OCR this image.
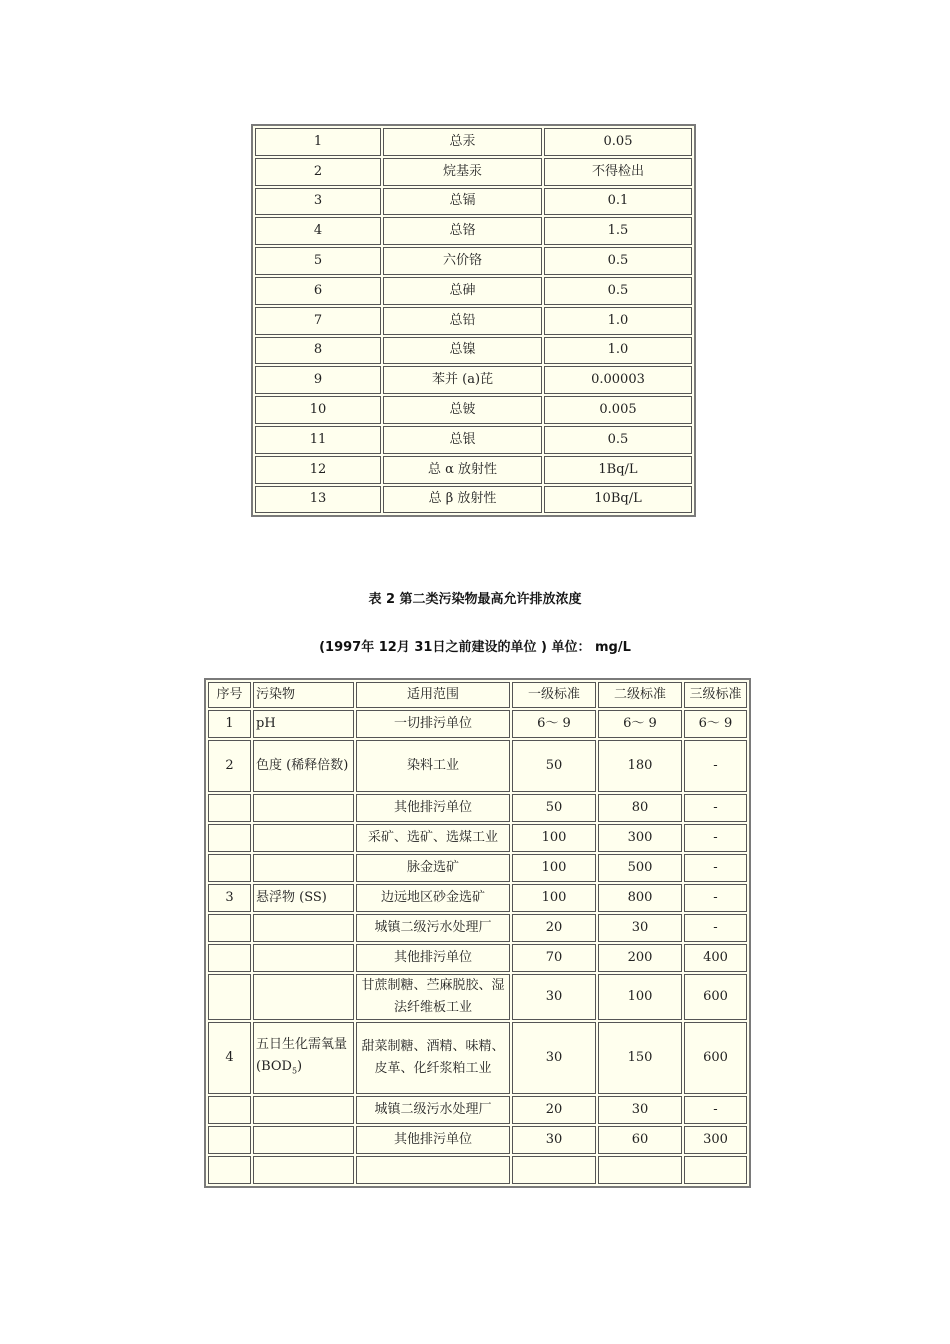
1	总汞	0.05
2	烷基汞	不得检出
3	总镉	0.1
4	总铬	1.5
5	六价铬	0.5
6	总砷	0.5
7	总铅	1.0
8	总镍	1.0
9	苯并 (a)芘	0.00003
10	总铍	0.005
11	总银	0.5
12	总 α 放射性	1Bq/L
13	总 β 放射性	10Bq/L
表 2 第二类污染物最高允许排放浓度
(1997年 12月 31日之前建设的单位 ) 单位： mg/L
序号	污染物	适用范围	一级标准	二级标准	三级标准
1	pH	一切排污单位	6～ 9	6～ 9	6～ 9
2	色度 (稀释倍数)	染料工业	50	180	-
		其他排污单位	50	80	-
		采矿、选矿、选煤工业	100	300	-
		脉金选矿	100	500	-
3	悬浮物 (SS)	边远地区砂金选矿	100	800	-
		城镇二级污水处理厂	20	30	-
		其他排污单位	70	200	400
		甘蔗制糖、苎麻脱胶、湿法纤维板工业	30	100	600
4	五日生化需氧量 $(BOD_5)$	甜菜制糖、酒精、味精、皮革、化纤浆粕工业	30	150	600
		城镇二级污水处理厂	20	30	-
		其他排污单位	30	60	300
